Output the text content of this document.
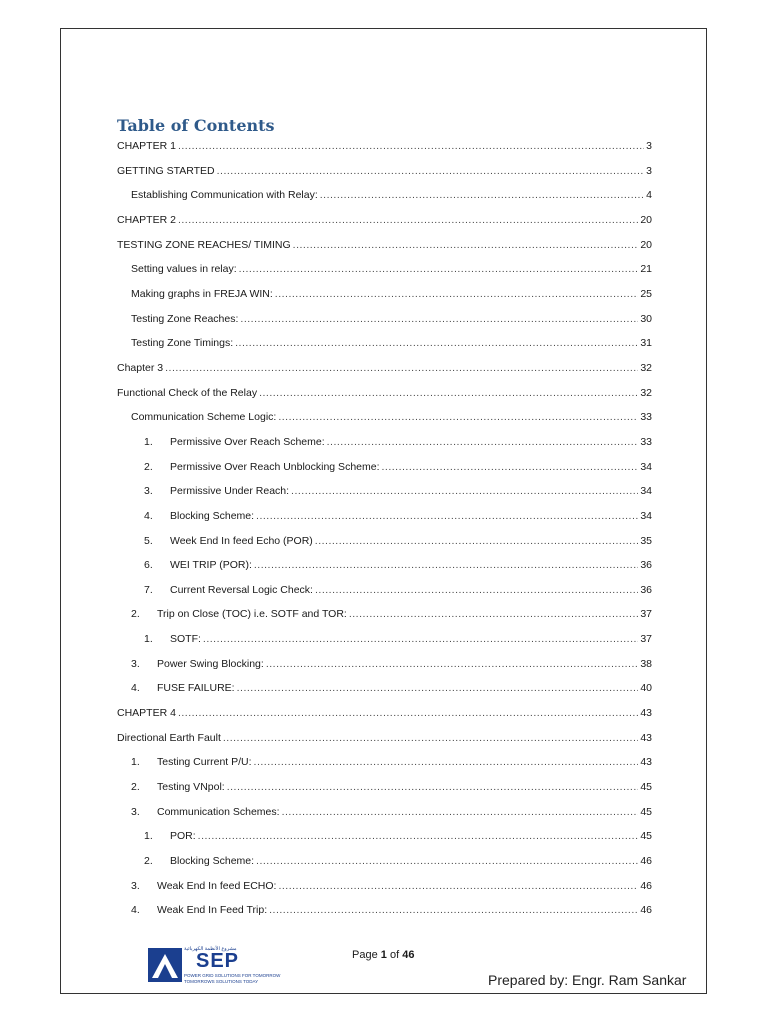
Table of Contents
CHAPTER 1 .....	3
GETTING STARTED .....	3
Establishing Communication with Relay: .....	4
CHAPTER 2 .....	20
TESTING ZONE REACHES/ TIMING .....	20
Setting values in relay: .....	21
Making graphs in FREJA WIN: .....	25
Testing Zone Reaches: .....	30
Testing Zone Timings: .....	31
Chapter 3 .....	32
Functional Check of the Relay .....	32
Communication Scheme Logic: .....	33
1.	Permissive Over Reach Scheme: .....	33
2.	Permissive Over Reach Unblocking Scheme: .....	34
3.	Permissive Under Reach: .....	34
4.	Blocking Scheme: .....	34
5.	Week End In feed Echo (POR) .....	35
6.	WEI TRIP (POR): .....	36
7.	Current Reversal Logic Check: .....	36
2.	Trip on Close (TOC) i.e. SOTF and TOR: .....	37
1.	SOTF: .....	37
3.	Power Swing Blocking: .....	38
4.	FUSE FAILURE: .....	40
CHAPTER 4 .....	43
Directional Earth Fault .....	43
1.	Testing Current P/U: .....	43
2.	Testing VNpol: .....	45
3.	Communication Schemes: .....	45
1.	POR: .....	45
2.	Blocking Scheme: .....	46
3.	Weak End In feed ECHO: .....	46
4.	Weak End In Feed Trip: .....	46
مشروع الأنظمة الكهربائية
SEP
POWER GRID SOLUTIONS FOR TOMORROW
TOMORROWS SOLUTIONS TODAY
Page 1 of 46
Prepared by: Engr. Ram Sankar
